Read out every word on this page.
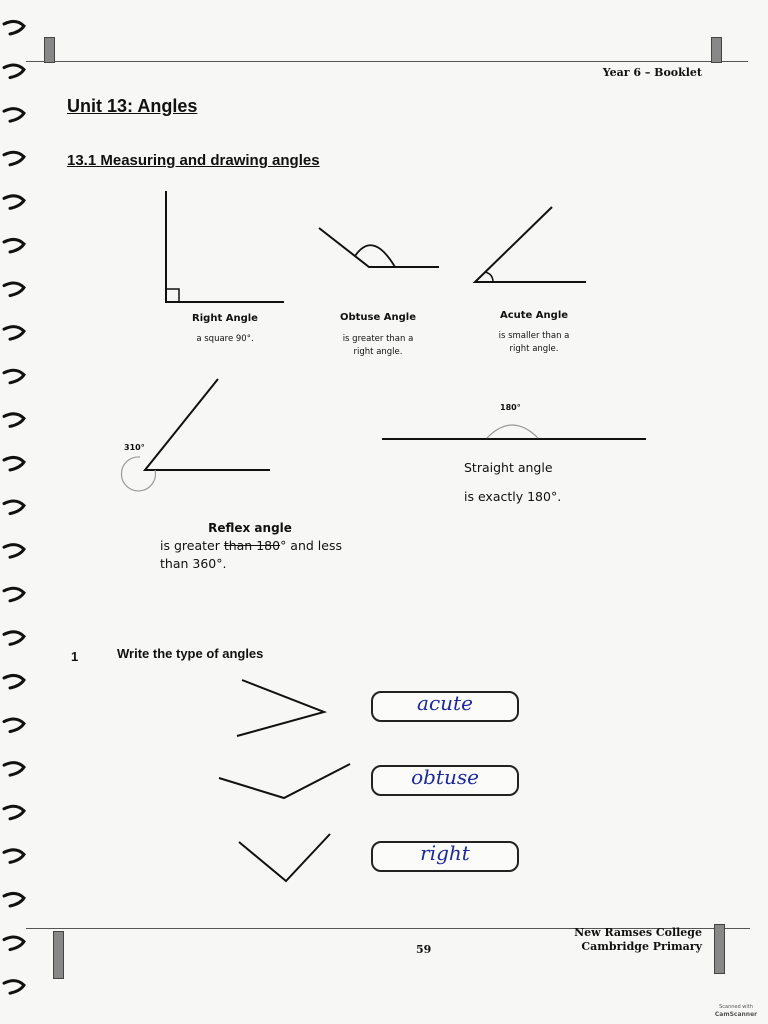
Year 6 – Booklet
Unit 13: Angles
13.1 Measuring and drawing angles
Right Angle
a square 90°.
Obtuse Angle
is greater than a
right angle.
Acute Angle
is smaller than a
right angle.
310°
Reflex angle
is greater than 180° and less
than 360°.
180°
Straight angle
is exactly 180°.
1	Write the type of angles
acute
obtuse
right
59
New Ramses College
Cambridge Primary
Scanned with
CamScanner
